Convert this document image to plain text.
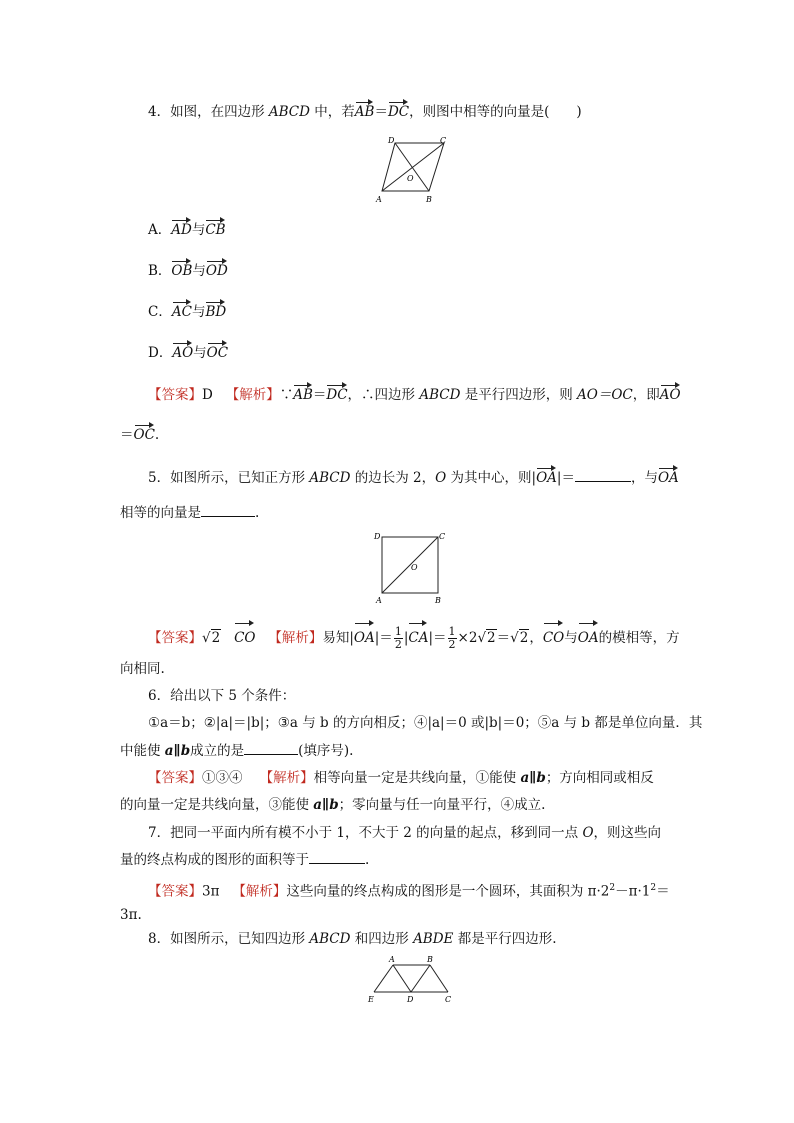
4．如图，在四边形 ABCD 中，若AB＝DC，则图中相等的向量是(　　)
D	C
O
A	B
A．AD与CB
B．OB与OD
C．AC与BD
D．AO与OC
【答案】D 【解析】∵AB＝DC，∴四边形 ABCD 是平行四边形，则 AO＝OC，即AO
＝OC.
5．如图所示，已知正方形 ABCD 的边长为 2，O 为其中心，则|OA|＝	，与OA
相等的向量是	.
D	C
O
A	B
【答案】√2 CO 【解析】易知$|OA|= \frac{1}{2} |CA|= \frac{1}{2} \times 2√2=√2$，CO与OA的模相等，方
向相同.
6．给出以下 5 个条件：
①a＝b；②|a|＝|b|；③a 与 b 的方向相反；④|a|＝0 或|b|＝0；⑤a 与 b 都是单位向量．其
中能使 a∥b成立的是	(填序号).
【答案】①③④ 【解析】相等向量一定是共线向量，①能使 a∥b；方向相同或相反
的向量一定是共线向量，③能使 a∥b；零向量与任一向量平行，④成立.
7．把同一平面内所有模不小于 1，不大于 2 的向量的起点，移到同一点 O，则这些向
量的终点构成的图形的面积等于	.
【答案】3π 【解析】这些向量的终点构成的图形是一个圆环，其面积为 $\pi\cdot 2^2-\pi\cdot 1^2=$
3π.
8．如图所示，已知四边形 ABCD 和四边形 ABDE 都是平行四边形.
A	B
E	D	C
